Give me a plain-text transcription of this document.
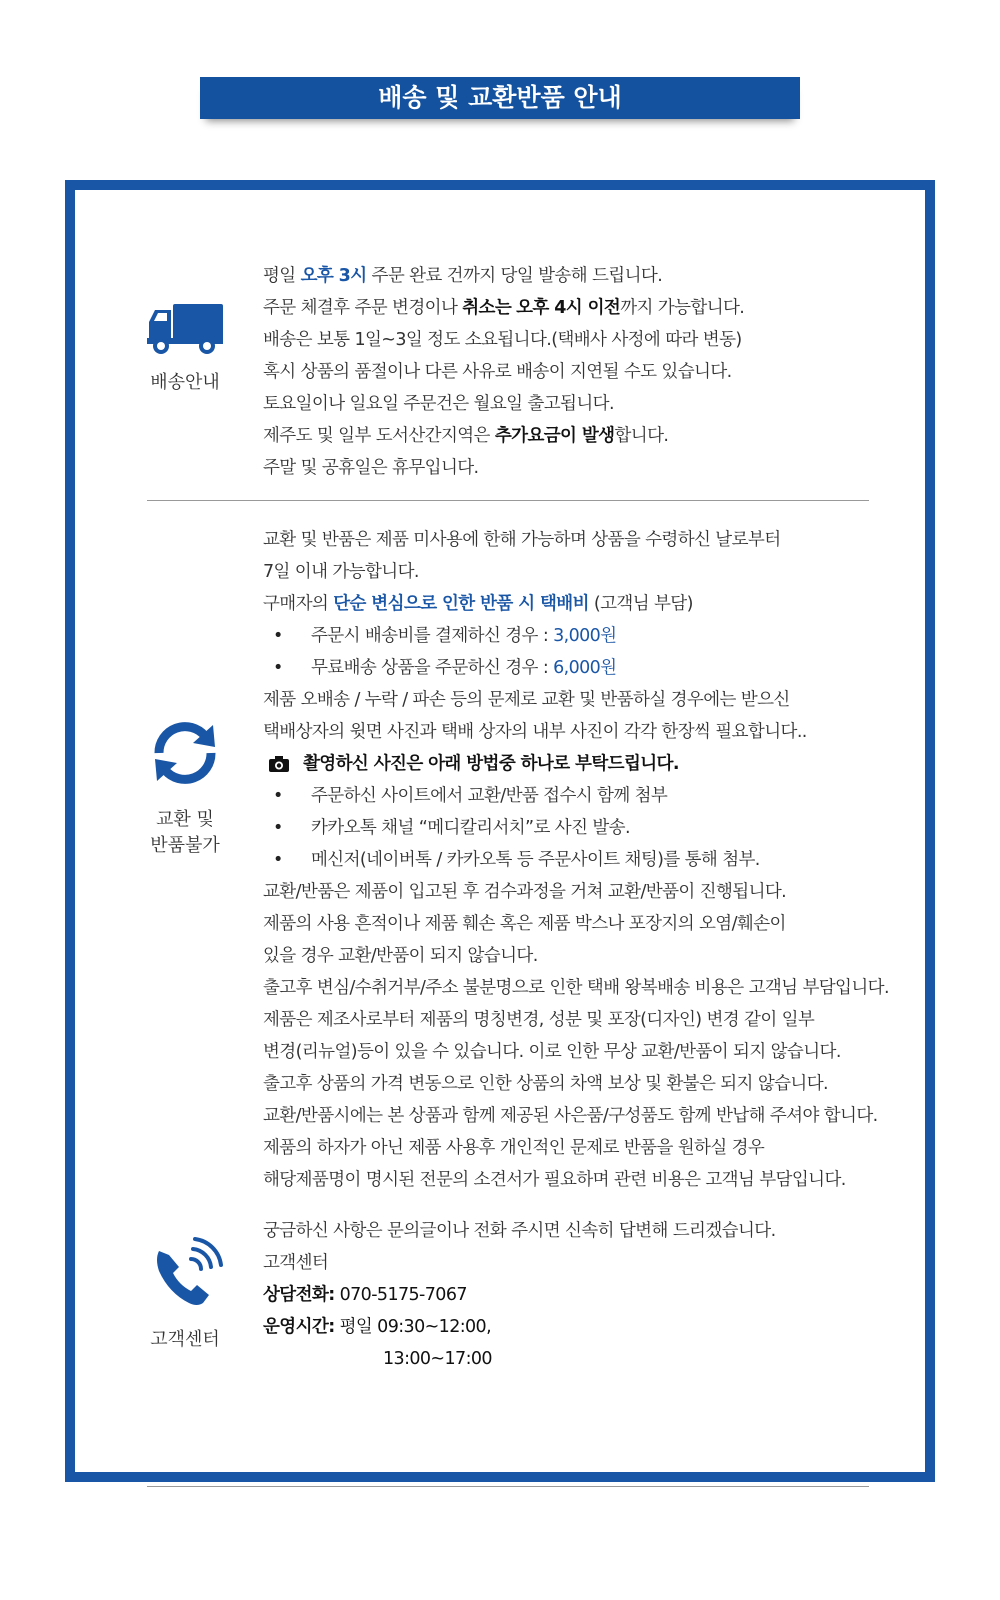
배송 및 교환반품 안내
배송안내
평일 오후 3시 주문 완료 건까지 당일 발송해 드립니다.
주문 체결후 주문 변경이나 취소는 오후 4시 이전까지 가능합니다.
배송은 보통 1일~3일 정도 소요됩니다.(택배사 사정에 따라 변동)
혹시 상품의 품절이나 다른 사유로 배송이 지연될 수도 있습니다.
토요일이나 일요일 주문건은 월요일 출고됩니다.
제주도 및 일부 도서산간지역은 추가요금이 발생합니다.
주말 및 공휴일은 휴무입니다.
교환 및
반품불가
교환 및 반품은 제품 미사용에 한해 가능하며 상품을 수령하신 날로부터
7일 이내 가능합니다.
구매자의 단순 변심으로 인한 반품 시 택배비 (고객님 부담)
• 주문시 배송비를 결제하신 경우 : 3,000원
• 무료배송 상품을 주문하신 경우 : 6,000원
제품 오배송 / 누락 / 파손 등의 문제로 교환 및 반품하실 경우에는 받으신
택배상자의 윗면 사진과 택배 상자의 내부 사진이 각각 한장씩 필요합니다..
촬영하신 사진은 아래 방법중 하나로 부탁드립니다.
• 주문하신 사이트에서 교환/반품 접수시 함께 첨부
• 카카오톡 채널 “메디칼리서치”로 사진 발송.
• 메신저(네이버톡 / 카카오톡 등 주문사이트 채팅)를 통해 첨부.
교환/반품은 제품이 입고된 후 검수과정을 거쳐 교환/반품이 진행됩니다.
제품의 사용 흔적이나 제품 훼손 혹은 제품 박스나 포장지의 오염/훼손이
있을 경우 교환/반품이 되지 않습니다.
출고후 변심/수취거부/주소 불분명으로 인한 택배 왕복배송 비용은 고객님 부담입니다.
제품은 제조사로부터 제품의 명칭변경, 성분 및 포장(디자인) 변경 같이 일부
변경(리뉴얼)등이 있을 수 있습니다. 이로 인한 무상 교환/반품이 되지 않습니다.
출고후 상품의 가격 변동으로 인한 상품의 차액 보상 및 환불은 되지 않습니다.
교환/반품시에는 본 상품과 함께 제공된 사은품/구성품도 함께 반납해 주셔야 합니다.
제품의 하자가 아닌 제품 사용후 개인적인 문제로 반품을 원하실 경우
해당제품명이 명시된 전문의 소견서가 필요하며 관련 비용은 고객님 부담입니다.
고객센터
궁금하신 사항은 문의글이나 전화 주시면 신속히 답변해 드리겠습니다.
고객센터
상담전화: 070-5175-7067
운영시간: 평일 09:30~12:00,
13:00~17:00
